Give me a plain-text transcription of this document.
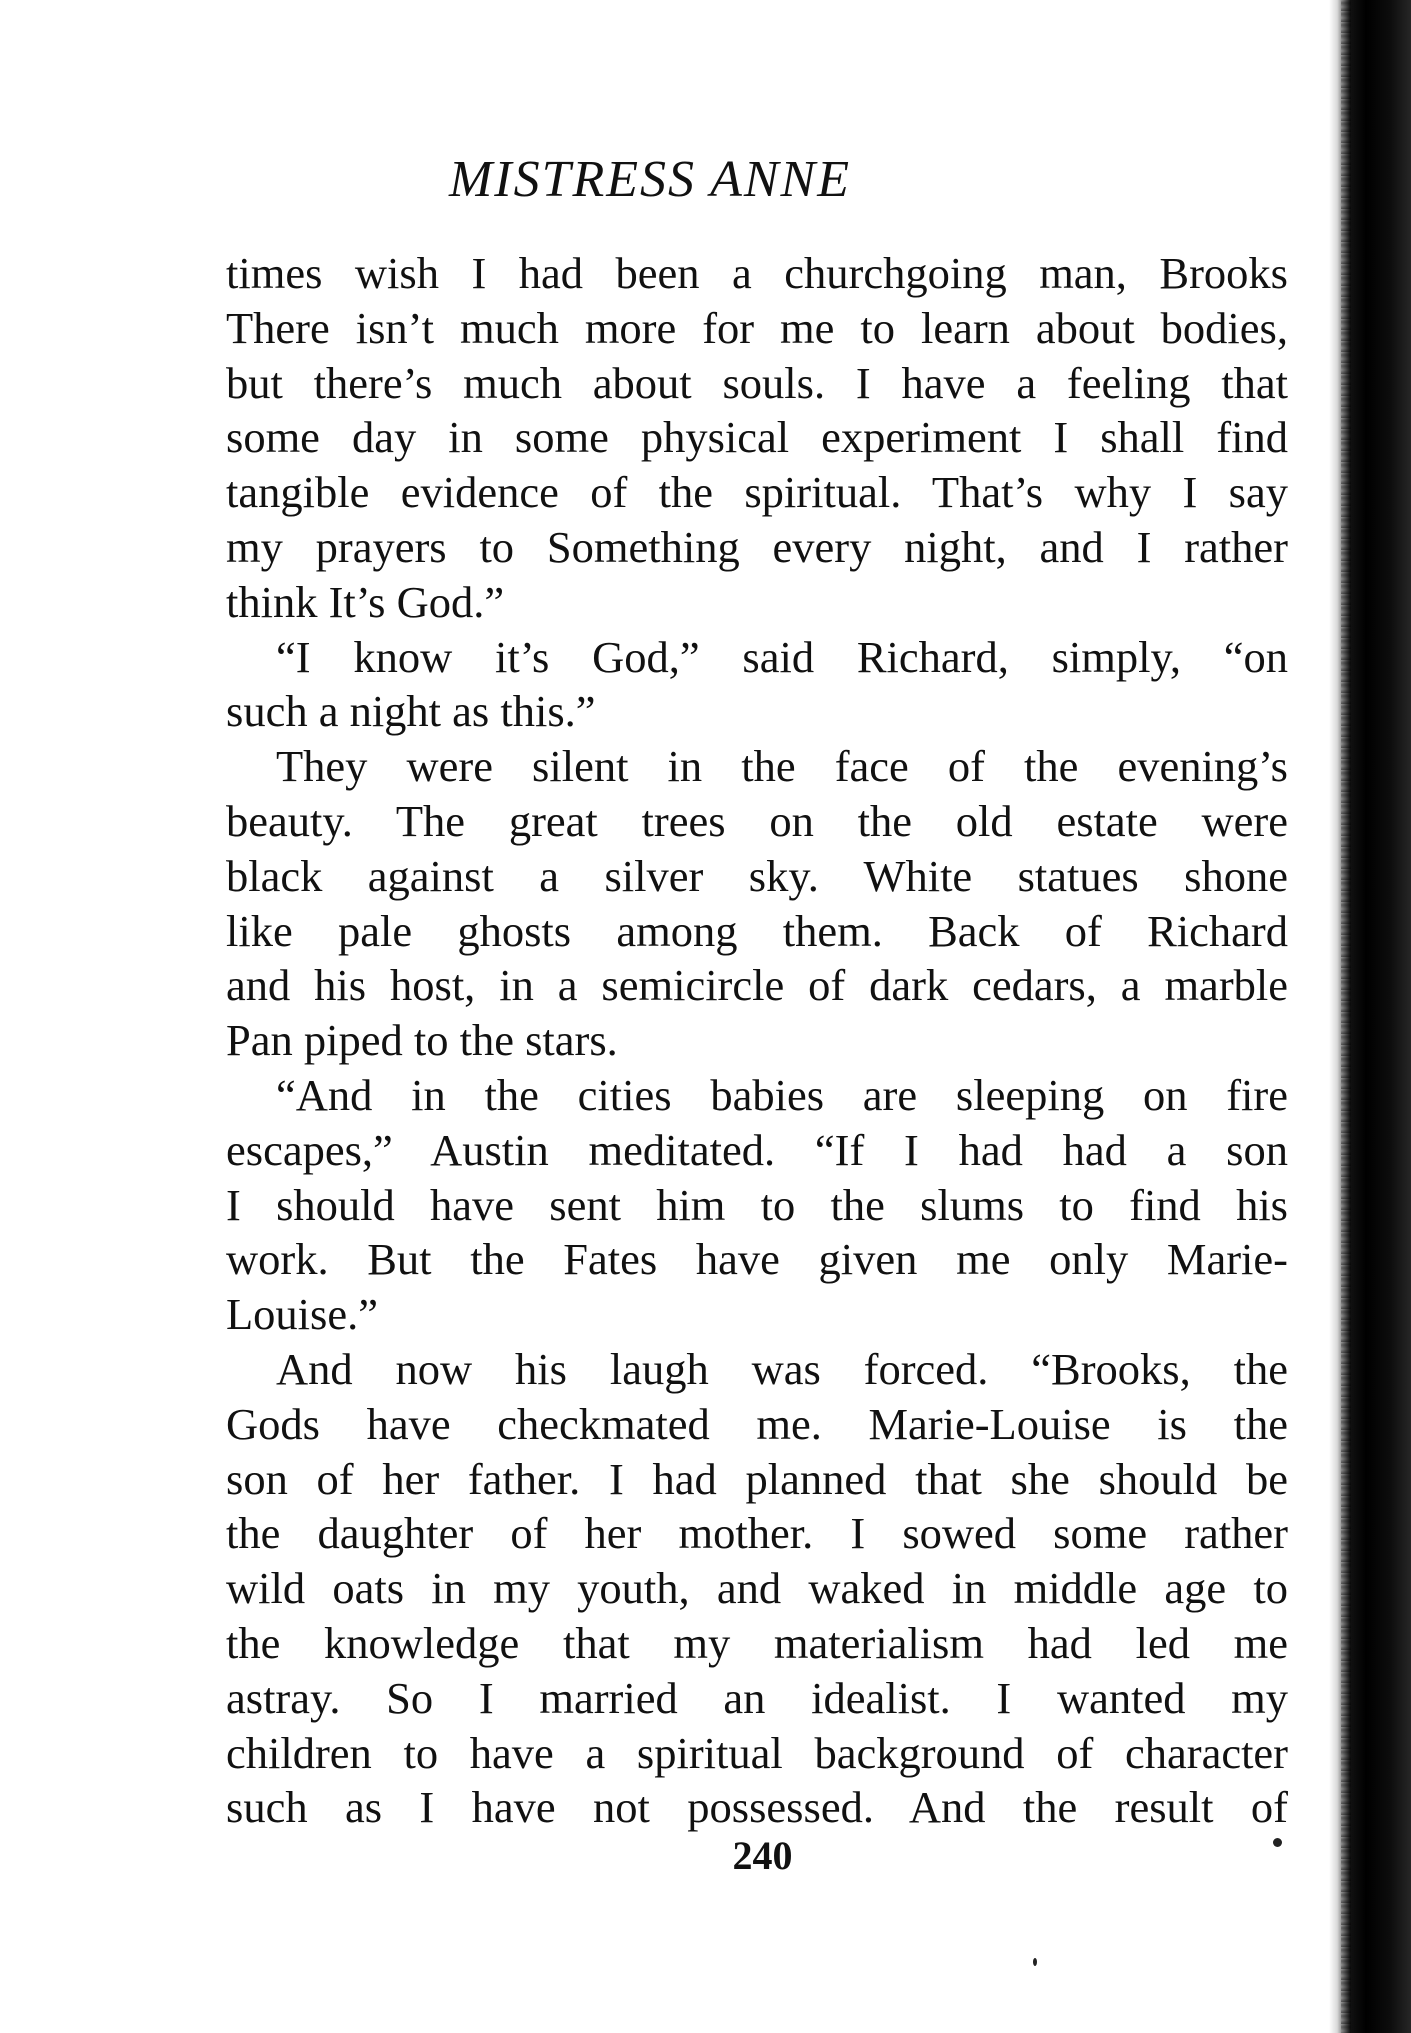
MISTRESS ANNE
times wish I had been a churchgoing man, Brooks
There isn’t much more for me to learn about bodies,
but there’s much about souls. I have a feeling that
some day in some physical experiment I shall find
tangible evidence of the spiritual. That’s why I say
my prayers to Something every night, and I rather
think It’s God.”
“I know it’s God,” said Richard, simply, “on
such a night as this.”
They were silent in the face of the evening’s
beauty. The great trees on the old estate were
black against a silver sky. White statues shone
like pale ghosts among them. Back of Richard
and his host, in a semicircle of dark cedars, a marble
Pan piped to the stars.
“And in the cities babies are sleeping on fire
escapes,” Austin meditated. “If I had had a son
I should have sent him to the slums to find his
work. But the Fates have given me only Marie-
Louise.”
And now his laugh was forced. “Brooks, the
Gods have checkmated me. Marie-Louise is the
son of her father. I had planned that she should be
the daughter of her mother. I sowed some rather
wild oats in my youth, and waked in middle age to
the knowledge that my materialism had led me
astray. So I married an idealist. I wanted my
children to have a spiritual background of character
such as I have not possessed. And the result of

240
